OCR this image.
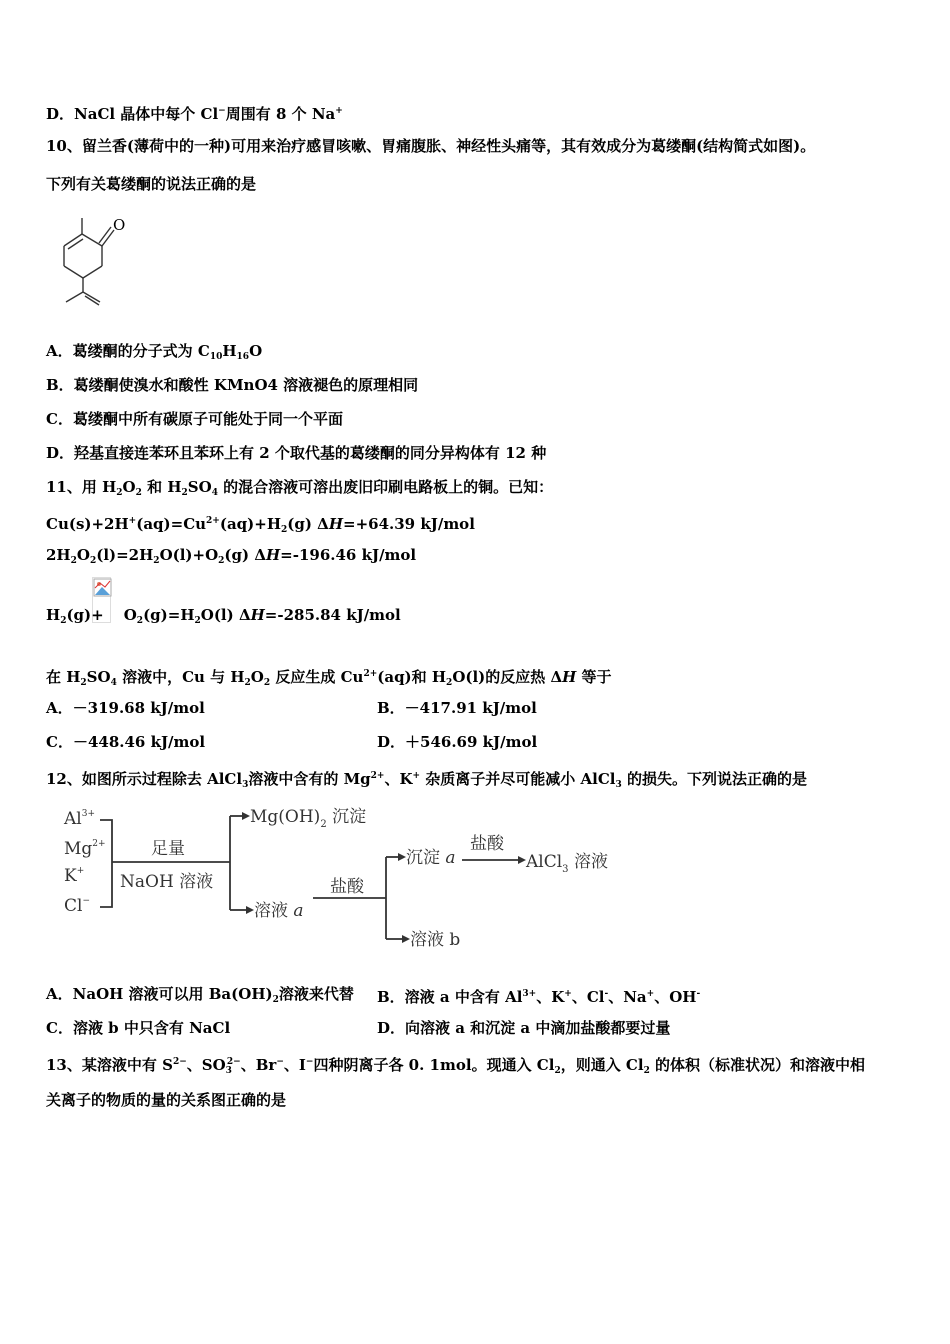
D．NaCl 晶体中每个 Cl−周围有 8 个 Na+
10、留兰香(薄荷中的一种)可用来治疗感冒咳嗽、胃痛腹胀、神经性头痛等，其有效成分为葛缕酮(结构简式如图)。
下列有关葛缕酮的说法正确的是
O
A．葛缕酮的分子式为 $C_{10}H_{16}O$
B．葛缕酮使溴水和酸性 KMnO4 溶液褪色的原理相同
C．葛缕酮中所有碳原子可能处于同一个平面
D．羟基直接连苯环且苯环上有 2 个取代基的葛缕酮的同分异构体有 12 种
11、用 $H_2O_2$ 和 $H_2SO_4$ 的混合溶液可溶出废旧印刷电路板上的铜。已知：
$Cu(s)+2H^+(aq)=Cu^{2+}(aq)+H_2(g)$ ΔH=+64.39 kJ/mol
$2H_2O_2(l)=2H_2O(l)+O_2(g)$ ΔH=-196.46 kJ/mol
$H_2(g)+ O_2(g)=H_2O(l)$ ΔH=-285.84 kJ/mol
在 $H_2SO_4$ 溶液中，Cu 与 $H_2O_2$ 反应生成 $Cu^{2+}(aq)$和 $H_2O(l)$的反应热 ΔH 等于
A．－319.68 kJ/mol	B．－417.91 kJ/mol
C．－448.46 kJ/mol	D．＋546.69 kJ/mol
12、如图所示过程除去 AlCl$_3$溶液中含有的 $Mg^{2+}$、K+ 杂质离子并尽可能减小 AlCl$_3$ 的损失。下列说法正确的是
$Al^{3+}$
$Mg^{2+}$
K+
Cl−
足量
NaOH 溶液
$Mg(OH)_2$ 沉淀
溶液 a
盐酸
沉淀 a
盐酸
AlCl$_3$ 溶液
溶液 b
A．NaOH 溶液可以用 $Ba(OH)_2$溶液来代替 B．溶液 a 中含有 $Al^{3+}$、K+、Cl-、Na+、OH-
C．溶液 b 中只含有 NaCl	D．向溶液 a 和沉淀 a 中滴加盐酸都要过量
13、某溶液中有 $S^{2-}$、$SO_3^{2-}$、Br−、I−四种阴离子各 0. 1mol。现通入 $Cl_2$，则通入 $Cl_2$ 的体积（标准状况）和溶液中相
关离子的物质的量的关系图正确的是
